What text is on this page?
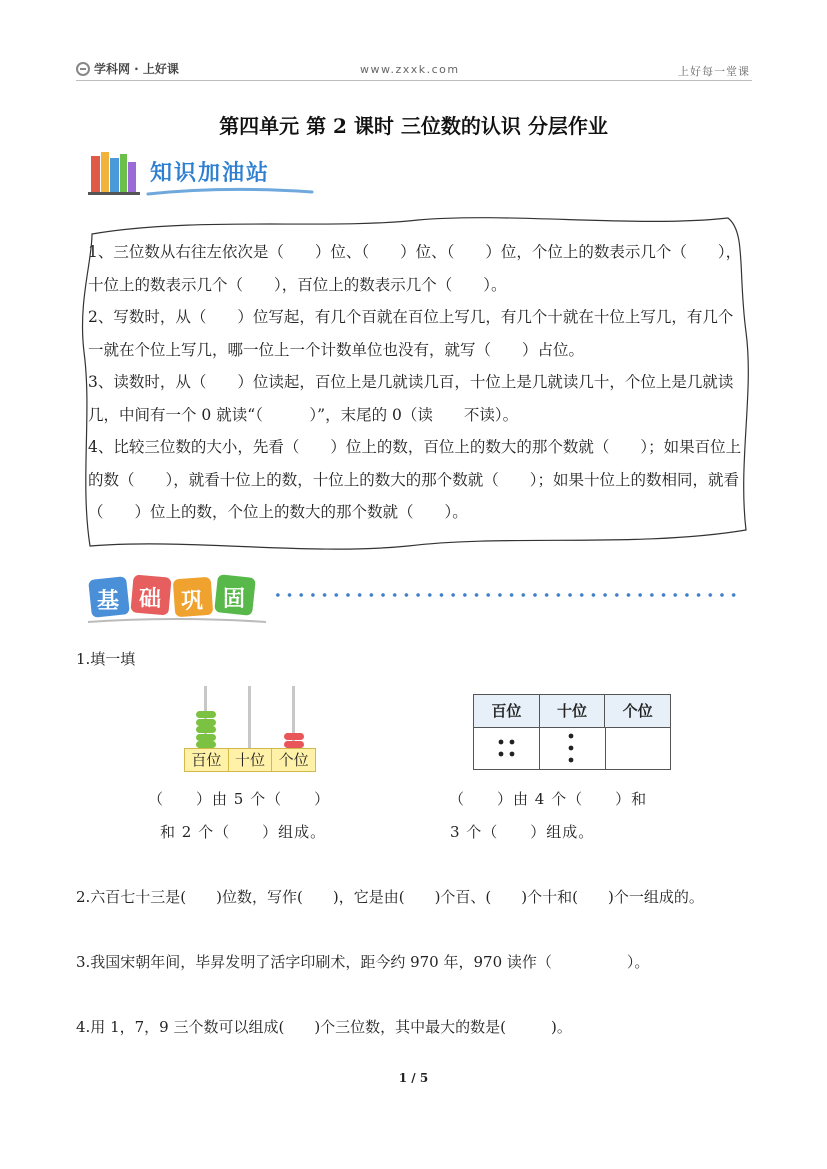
学科网 · 上好课	www.zxxk.com	上好每一堂课
第四单元 第 2 课时 三位数的认识 分层作业
知识加油站

1、三位数从右往左依次是（　　）位、（　　）位、（　　）位，个位上的数表示几个（　　），十位上的数表示几个（　　），百位上的数表示几个（　　）。

2、写数时，从（　　）位写起，有几个百就在百位上写几，有几个十就在十位上写几，有几个一就在个位上写几，哪一位上一个计数单位也没有，就写（　　）占位。

3、读数时，从（　　）位读起，百位上是几就读几百，十位上是几就读几十，个位上是几就读几，中间有一个 0 就读“（　　　）”，末尾的 0（读　　不读）。

4、比较三位数的大小，先看（　　）位上的数，百位上的数大的那个数就（　　）；如果百位上的数（　　），就看十位上的数，十位上的数大的那个数就（　　）；如果十位上的数相同，就看（　　）位上的数，个位上的数大的那个数就（　　）。

基 础 巩 固
1.填一填
百位 十位 个位
（　　）由 5 个（　　）
和 2 个（　　）组成。
百位	十位	个位
（　　）由 4 个（　　）和
3 个（　　）组成。
2.六百七十三是(　　)位数，写作(　　)，它是由(　　)个百、(　　)个十和(　　)个一组成的。
3.我国宋朝年间，毕昇发明了活字印刷术，距今约 970 年，970 读作（　　　　　）。
4.用 1，7，9 三个数可以组成(　　)个三位数，其中最大的数是(　　　)。
1 / 5
